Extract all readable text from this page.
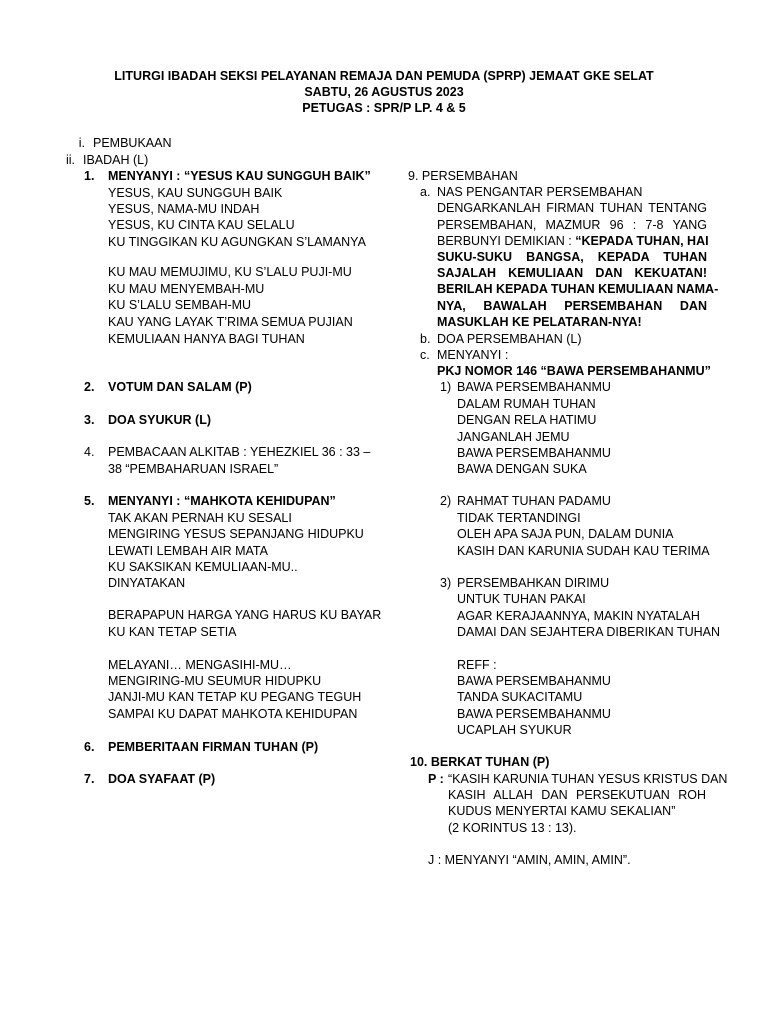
LITURGI IBADAH SEKSI PELAYANAN REMAJA DAN PEMUDA (SPRP) JEMAAT GKE SELAT
SABTU, 26 AGUSTUS 2023
PETUGAS : SPR/P LP. 4 & 5
i. PEMBUKAAN
ii. IBADAH (L)
1. MENYANYI : “YESUS KAU SUNGGUH BAIK”
YESUS, KAU SUNGGUH BAIK
YESUS, NAMA-MU INDAH
YESUS, KU CINTA KAU SELALU
KU TINGGIKAN KU AGUNGKAN S’LAMANYA
KU MAU MEMUJIMU, KU S’LALU PUJI-MU
KU MAU MENYEMBAH-MU
KU S’LALU SEMBAH-MU
KAU YANG LAYAK T’RIMA SEMUA PUJIAN
KEMULIAAN HANYA BAGI TUHAN
2. VOTUM DAN SALAM (P)
3. DOA SYUKUR (L)
4. PEMBACAAN ALKITAB : YEHEZKIEL 36 : 33 –
38 “PEMBAHARUAN ISRAEL”
5. MENYANYI : “MAHKOTA KEHIDUPAN”
TAK AKAN PERNAH KU SESALI
MENGIRING YESUS SEPANJANG HIDUPKU
LEWATI LEMBAH AIR MATA
KU SAKSIKAN KEMULIAAN-MU..
DINYATAKAN
BERAPAPUN HARGA YANG HARUS KU BAYAR
KU KAN TETAP SETIA
MELAYANI… MENGASIHI-MU…
MENGIRING-MU SEUMUR HIDUPKU
JANJI-MU KAN TETAP KU PEGANG TEGUH
SAMPAI KU DAPAT MAHKOTA KEHIDUPAN
6. PEMBERITAAN FIRMAN TUHAN (P)
7. DOA SYAFAAT (P)
9. PERSEMBAHAN
a. NAS PENGANTAR PERSEMBAHAN
DENGARKANLAH FIRMAN TUHAN TENTANG
PERSEMBAHAN, MAZMUR 96 : 7-8 YANG
BERBUNYI DEMIKIAN : “KEPADA TUHAN, HAI
SUKU-SUKU BANGSA, KEPADA TUHAN
SAJALAH KEMULIAAN DAN KEKUATAN!
BERILAH KEPADA TUHAN KEMULIAAN NAMA-
NYA, BAWALAH PERSEMBAHAN DAN
MASUKLAH KE PELATARAN-NYA!
b. DOA PERSEMBAHAN (L)
c. MENYANYI :
PKJ NOMOR 146 “BAWA PERSEMBAHANMU”
1) BAWA PERSEMBAHANMU
DALAM RUMAH TUHAN
DENGAN RELA HATIMU
JANGANLAH JEMU
BAWA PERSEMBAHANMU
BAWA DENGAN SUKA
2) RAHMAT TUHAN PADAMU
TIDAK TERTANDINGI
OLEH APA SAJA PUN, DALAM DUNIA
KASIH DAN KARUNIA SUDAH KAU TERIMA
3) PERSEMBAHKAN DIRIMU
UNTUK TUHAN PAKAI
AGAR KERAJAANNYA, MAKIN NYATALAH
DAMAI DAN SEJAHTERA DIBERIKAN TUHAN
REFF :
BAWA PERSEMBAHANMU
TANDA SUKACITAMU
BAWA PERSEMBAHANMU
UCAPLAH SYUKUR
10. BERKAT TUHAN (P)
P : “KASIH KARUNIA TUHAN YESUS KRISTUS DAN
KASIH ALLAH DAN PERSEKUTUAN ROH
KUDUS MENYERTAI KAMU SEKALIAN”
(2 KORINTUS 13 : 13).
J : MENYANYI “AMIN, AMIN, AMIN”.
